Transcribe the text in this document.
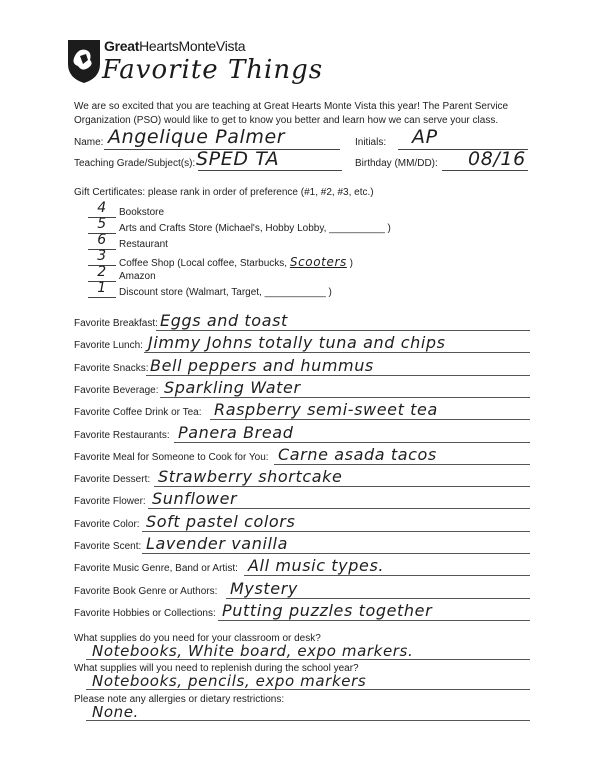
GreatHeartsMonteVista
Favorite Things
We are so excited that you are teaching at Great Hearts Monte Vista this year! The Parent Service Organization (PSO) would like to get to know you better and learn how we can serve your class.
Name: Angelique Palmer	Initials: AP
Teaching Grade/Subject(s): SPED TA	Birthday (MM/DD): 08/16
Gift Certificates: please rank in order of preference (#1, #2, #3, etc.)
4	Bookstore
5	Arts and Crafts Store (Michael's, Hobby Lobby, __________ )
6	Restaurant
3	Coffee Shop (Local coffee, Starbucks, Scooters )
2	Amazon
1	Discount store (Walmart, Target, ___________ )
Favorite Breakfast: Eggs and toast
Favorite Lunch: Jimmy Johns totally tuna and chips
Favorite Snacks: Bell peppers and hummus
Favorite Beverage: Sparkling Water
Favorite Coffee Drink or Tea: Raspberry semi-sweet tea
Favorite Restaurants: Panera Bread
Favorite Meal for Someone to Cook for You: Carne asada tacos
Favorite Dessert: Strawberry shortcake
Favorite Flower: Sunflower
Favorite Color: Soft pastel colors
Favorite Scent: Lavender vanilla
Favorite Music Genre, Band or Artist: All music types.
Favorite Book Genre or Authors: Mystery
Favorite Hobbies or Collections: Putting puzzles together
What supplies do you need for your classroom or desk?
Notebooks, White board, expo markers.
What supplies will you need to replenish during the school year?
Notebooks, pencils, expo markers
Please note any allergies or dietary restrictions:
None.
